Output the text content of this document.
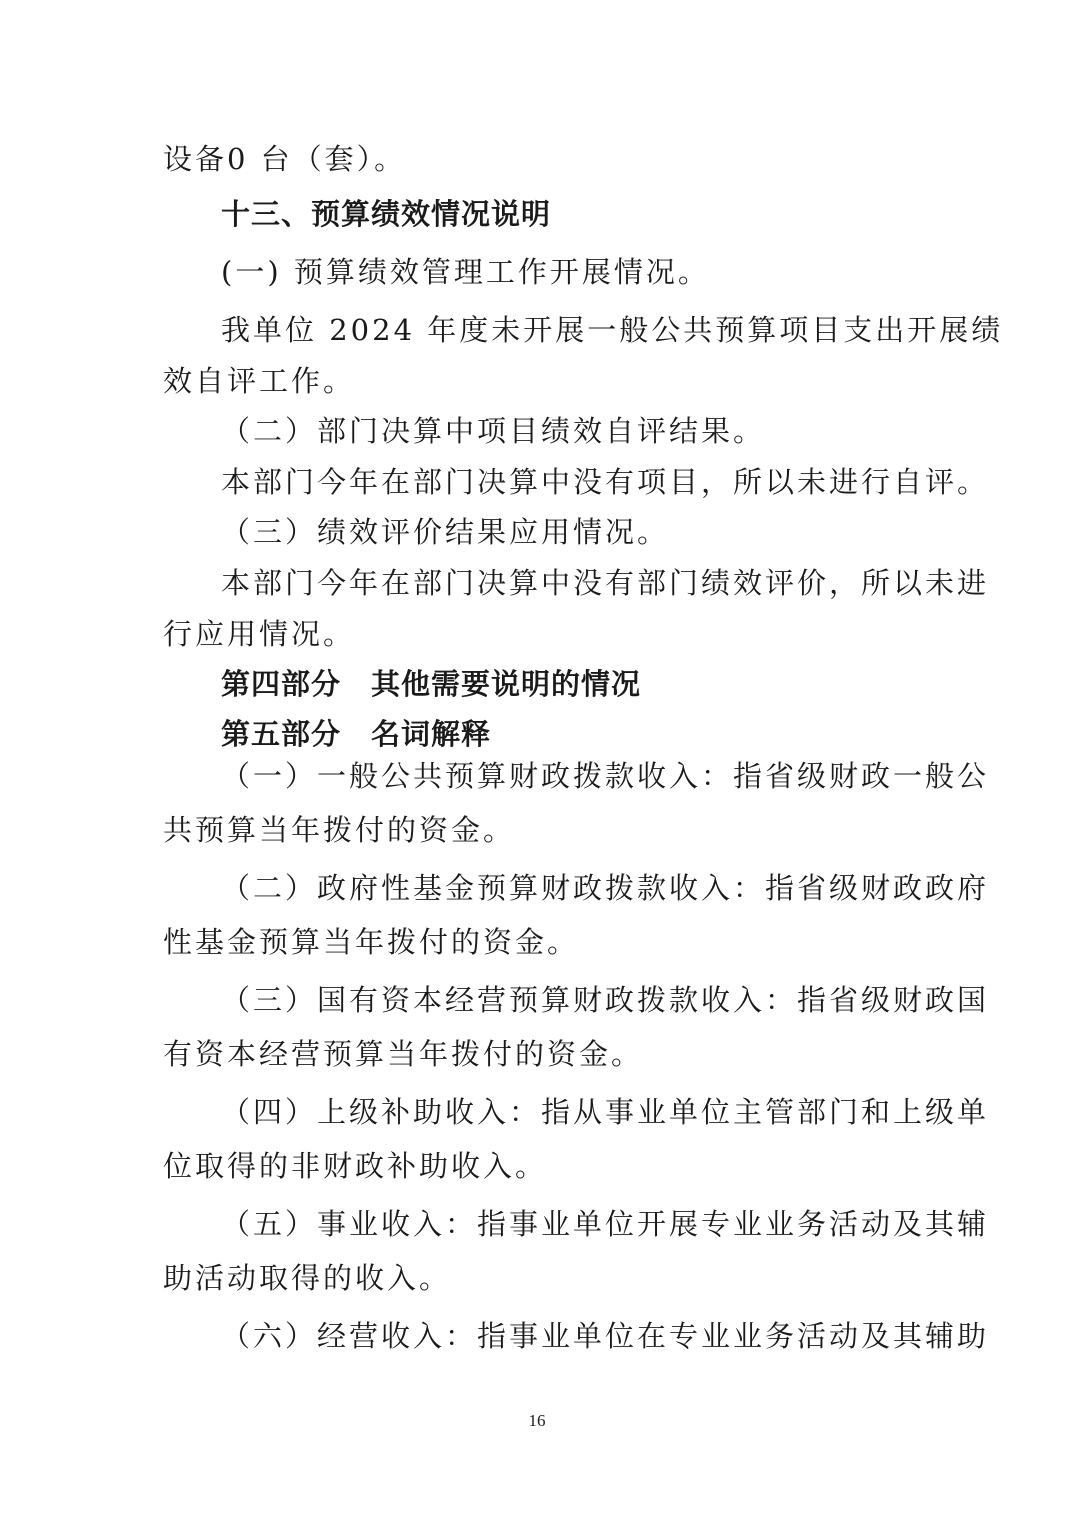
设备0 台（套）。
十三、预算绩效情况说明
(一) 预算绩效管理工作开展情况。
我单位 2024 年度未开展一般公共预算项目支出开展绩
效自评工作。
（二）部门决算中项目绩效自评结果。
本部门今年在部门决算中没有项目，所以未进行自评。
（三）绩效评价结果应用情况。
本部门今年在部门决算中没有部门绩效评价，所以未进
行应用情况。
第四部分　其他需要说明的情况
第五部分　名词解释
（一）一般公共预算财政拨款收入：指省级财政一般公
共预算当年拨付的资金。
（二）政府性基金预算财政拨款收入：指省级财政政府
性基金预算当年拨付的资金。
（三）国有资本经营预算财政拨款收入：指省级财政国
有资本经营预算当年拨付的资金。
（四）上级补助收入：指从事业单位主管部门和上级单
位取得的非财政补助收入。
（五）事业收入：指事业单位开展专业业务活动及其辅
助活动取得的收入。
（六）经营收入：指事业单位在专业业务活动及其辅助
16
